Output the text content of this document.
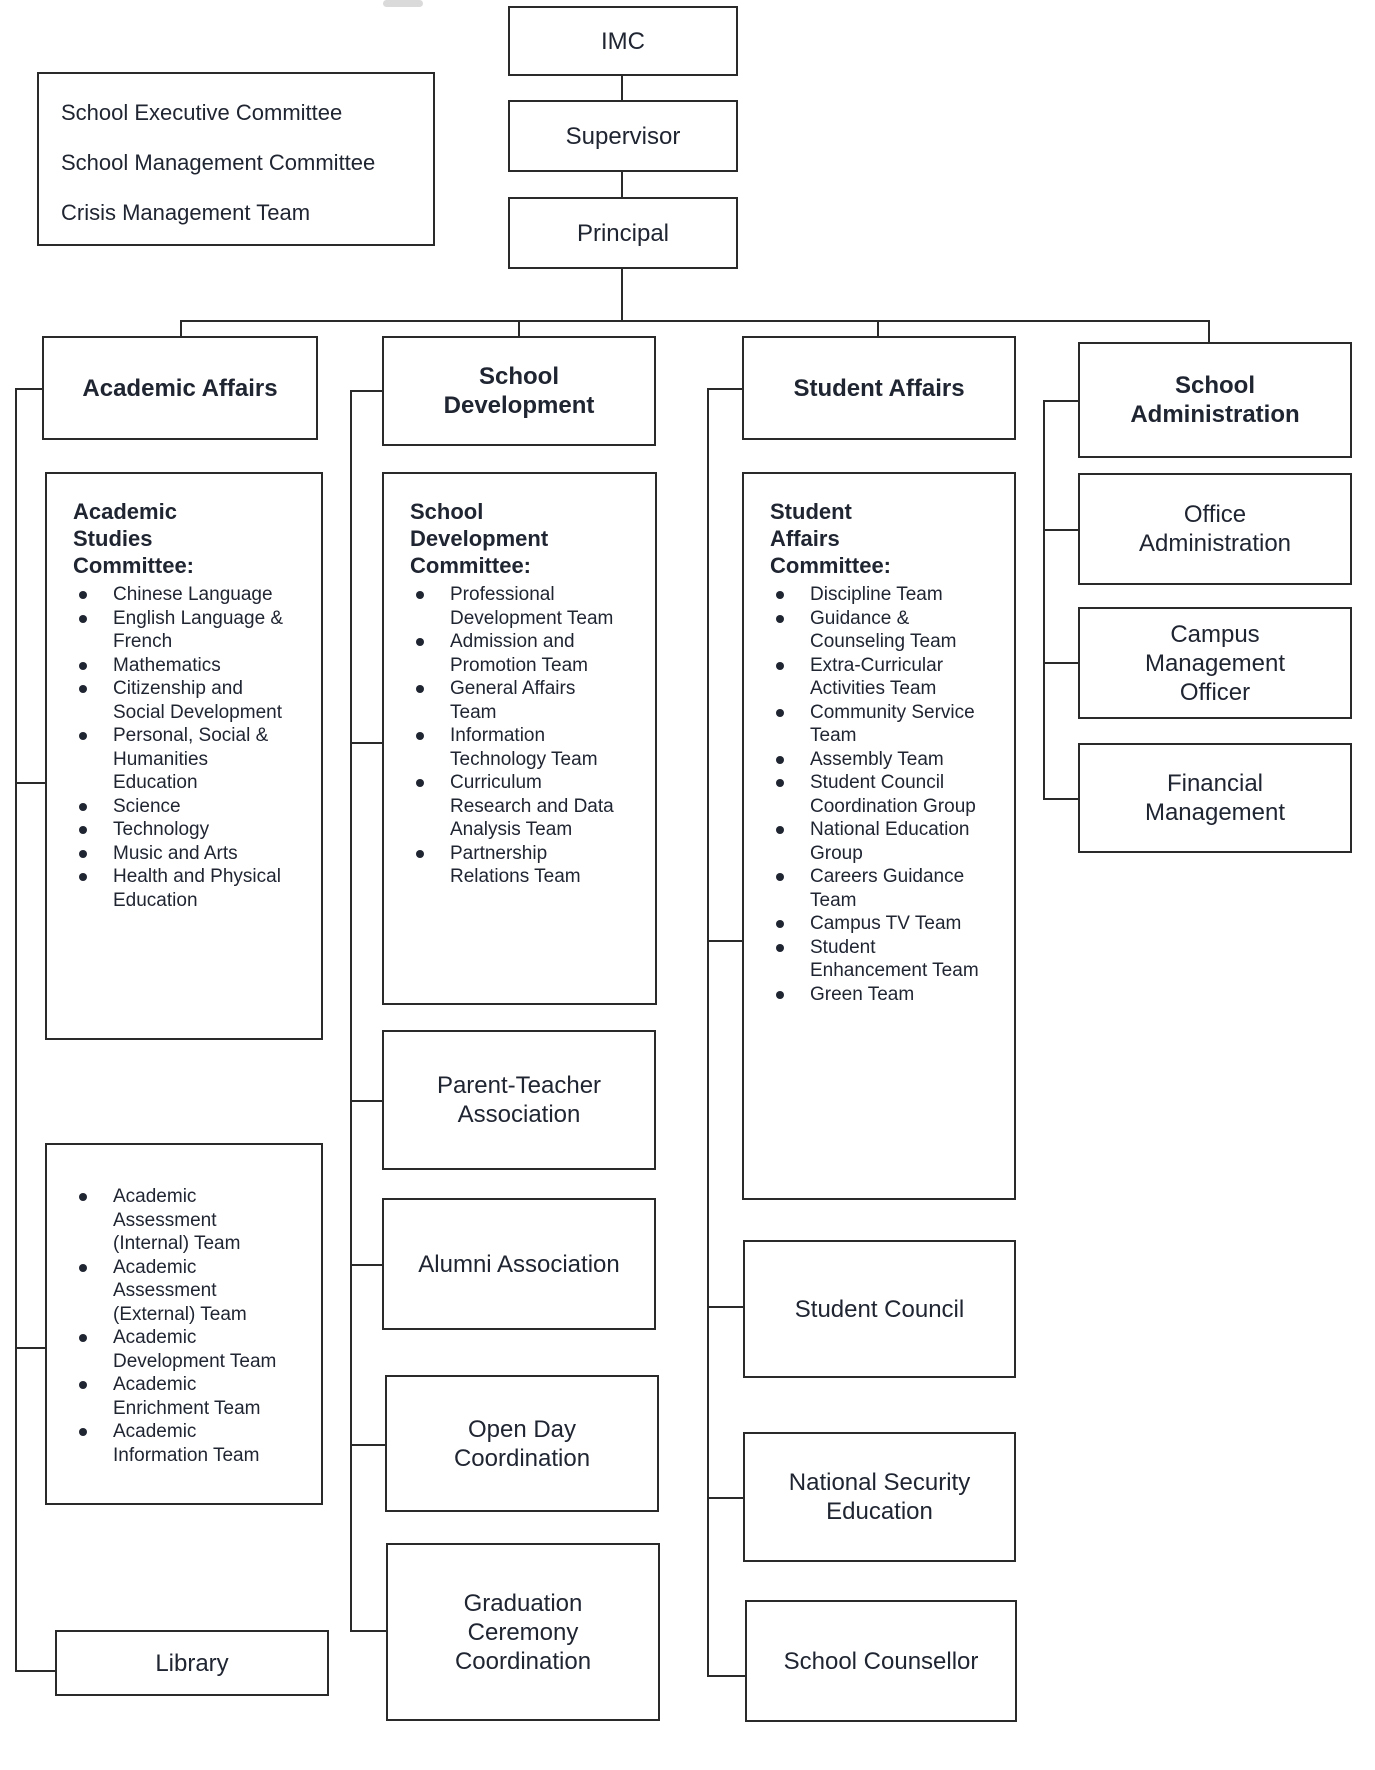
IMC
Supervisor
Principal
School Executive Committee
School Management Committee
Crisis Management Team
Academic Affairs	School Development
Student Affairs	School Administration
Academic Studies Committee:
Chinese Language
English Language & French
Mathematics
Citizenship and Social Development
Personal, Social & Humanities Education
Science
Technology
Music and Arts
Health and Physical Education
Academic Assessment (Internal) Team
Academic Assessment (External) Team
Academic Development Team
Academic Enrichment Team
Academic Information Team
Library
School Development Committee:
Professional Development Team
Admission and Promotion Team
General Affairs Team
Information Technology Team
Curriculum Research and Data Analysis Team
Partnership Relations Team
Parent-Teacher Association
Alumni Association
Open Day Coordination
Graduation Ceremony Coordination
Student Affairs Committee:
Discipline Team
Guidance & Counseling Team
Extra-Curricular Activities Team
Community Service Team
Assembly Team
Student Council Coordination Group
National Education Group
Careers Guidance Team
Campus TV Team
Student Enhancement Team
Green Team
Student Council
National Security Education
School Counsellor
Office Administration
Campus Management Officer
Financial Management
